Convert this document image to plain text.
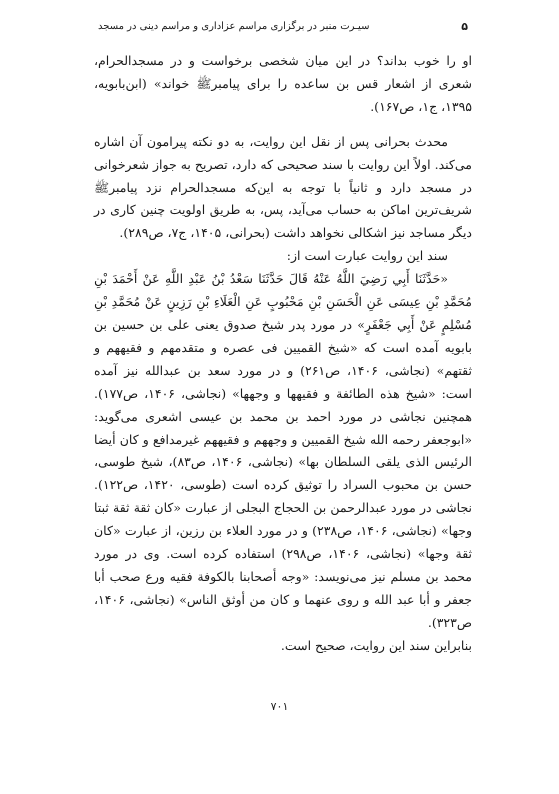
۵
سیـرت منبر در برگزاری مراسم عزاداری و مراسم دینی در مسجد

او را خوب بداند؟ در این میان شخصی برخواست و در مسجدالحرام، شعری از اشعار قس بن ساعده را برای پیامبرﷺ خواند» (ابن‌بابویه، ۱۳۹۵، ج۱، ص۱۶۷).

محدث بحرانی پس از نقل این روایت، به دو نکته پیرامون آن اشاره می‌کند. اولاً این روایت با سند صحیحی که دارد، تصریح به جواز شعرخوانی در مسجد دارد و ثانیاً با توجه به این‌که مسجدالحرام نزد پیامبرﷺ شریف‌ترین اماکن به حساب می‌آید، پس، به طریق اولویت چنین کاری در دیگر مساجد نیز اشکالی نخواهد داشت (بحرانی، ۱۴۰۵، ج۷، ص۲۸۹).

سند این روایت عبارت است از:

«حَدَّثَنَا أَبِي رَضِيَ اللَّهُ عَنْهُ قَالَ حَدَّثَنَا سَعْدُ بْنُ عَبْدِ اللَّهِ عَنْ أَحْمَدَ بْنِ مُحَمَّدِ بْنِ عِيسَى عَنِ الْحَسَنِ بْنِ مَحْبُوبٍ عَنِ الْعَلَاءِ بْنِ رَزِينٍ عَنْ مُحَمَّدِ بْنِ مُسْلِمٍ عَنْ أَبِي جَعْفَرٍ» در مورد پدر شیخ صدوق یعنی علی بن حسین بن بابویه آمده است که «شیخ القمیین فی عصره و متقدمهم و فقیههم و ثقتهم» (نجاشی، ۱۴۰۶، ص۲۶۱) و در مورد سعد بن عبدالله نیز آمده است: «شیخ هذه الطائفة و فقیهها و وجهها» (نجاشی، ۱۴۰۶، ص۱۷۷). همچنین نجاشی در مورد احمد بن محمد بن عیسی اشعری می‌گوید: «ابوجعفر رحمه الله شیخ القمیین و وجههم و فقیههم غیرمدافع و کان أیضا الرئیس الذی یلقی السلطان بها» (نجاشی، ۱۴۰۶، ص۸۳)، شیخ طوسی، حسن بن محبوب السراد را توثیق کرده است (طوسی، ۱۴۲۰، ص۱۲۲). نجاشی در مورد عبدالرحمن بن الحجاج البجلی از عبارت «کان ثقة ثقة ثبتا وجها» (نجاشی، ۱۴۰۶، ص۲۳۸) و در مورد العلاء بن رزین، از عبارت «کان ثقة وجها» (نجاشی، ۱۴۰۶، ص۲۹۸) استفاده کرده است. وی در مورد محمد بن مسلم نیز می‌نویسد: «وجه أصحابنا بالکوفة فقیه ورع صحب أبا جعفر و أبا عبد الله و روی عنهما و کان من أوثق الناس» (نجاشی، ۱۴۰۶، ص۳۲۳).

بنابراین سند این روایت، صحیح است.

۷۰۱
